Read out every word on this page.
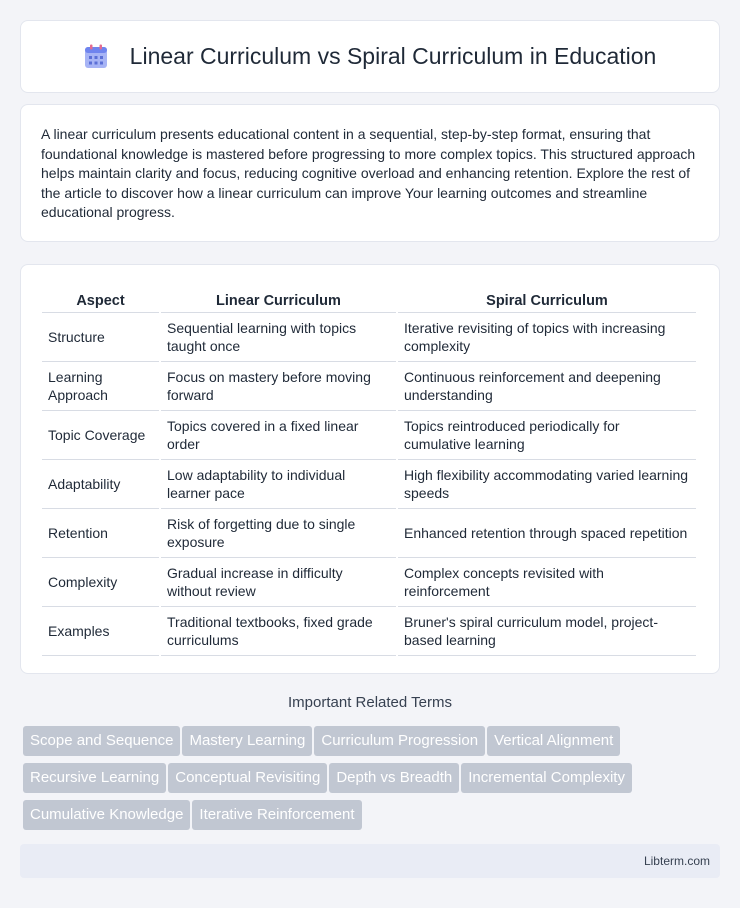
Linear Curriculum vs Spiral Curriculum in Education

A linear curriculum presents educational content in a sequential, step-by-step format, ensuring that foundational knowledge is mastered before progressing to more complex topics. This structured approach helps maintain clarity and focus, reducing cognitive overload and enhancing retention. Explore the rest of the article to discover how a linear curriculum can improve Your learning outcomes and streamline educational progress.

Aspect	Linear Curriculum	Spiral Curriculum
Structure	Sequential learning with topics taught once	Iterative revisiting of topics with increasing complexity
Learning Approach	Focus on mastery before moving forward	Continuous reinforcement and deepening understanding
Topic Coverage	Topics covered in a fixed linear order	Topics reintroduced periodically for cumulative learning
Adaptability	Low adaptability to individual learner pace	High flexibility accommodating varied learning speeds
Retention	Risk of forgetting due to single exposure	Enhanced retention through spaced repetition
Complexity	Gradual increase in difficulty without review	Complex concepts revisited with reinforcement
Examples	Traditional textbooks, fixed grade curriculums	Bruner's spiral curriculum model, project-based learning
Important Related Terms
Scope and Sequence Mastery Learning Curriculum Progression Vertical Alignment
Recursive Learning Conceptual Revisiting Depth vs Breadth Incremental Complexity
Cumulative Knowledge Iterative Reinforcement
Libterm.com
